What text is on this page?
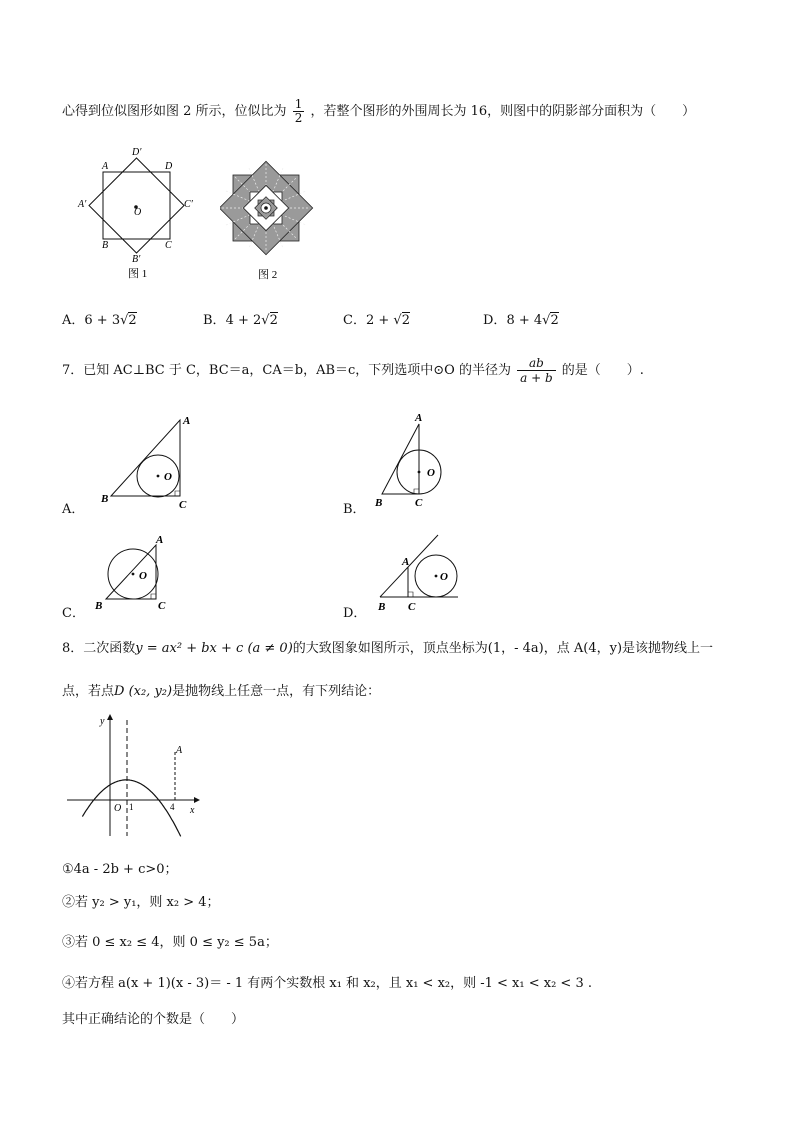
心得到位似图形如图 2 所示，位似比为 $\frac{1}{2}$ ，若整个图形的外围周长为 16，则图中的阴影部分面积为（　　）
A	D
D′
A′	C′
O
B	C
B′
图 1	图 2
A．6 + 3√2	B．4 + 2√2	C．2 + √2	D．8 + 4√2
7．已知 AC⊥BC 于 C，BC＝a，CA＝b，AB＝c，下列选项中⊙O 的半径为 $\frac{ab}{a + b}$ 的是（　　）.
A．
A
B	C
O
B．
A
B	C
O
C．
A
B	C
O
D．
A
B C
O
8．二次函数y = ax² + bx + c (a ≠ 0)的大致图象如图所示，顶点坐标为(1，- 4a)，点 A(4，y)是该抛物线上一
点，若点D (x₂, y₂)是抛物线上任意一点，有下列结论：
y
x
O 1	4
A
①4a - 2b + c>0；
②若 y₂ > y₁，则 x₂ > 4；
③若 0 ≤ x₂ ≤ 4，则 0 ≤ y₂ ≤ 5a；
④若方程 a(x + 1)(x - 3)＝ - 1 有两个实数根 x₁ 和 x₂，且 x₁ < x₂，则 -1 < x₁ < x₂ < 3 .
其中正确结论的个数是（　　）
